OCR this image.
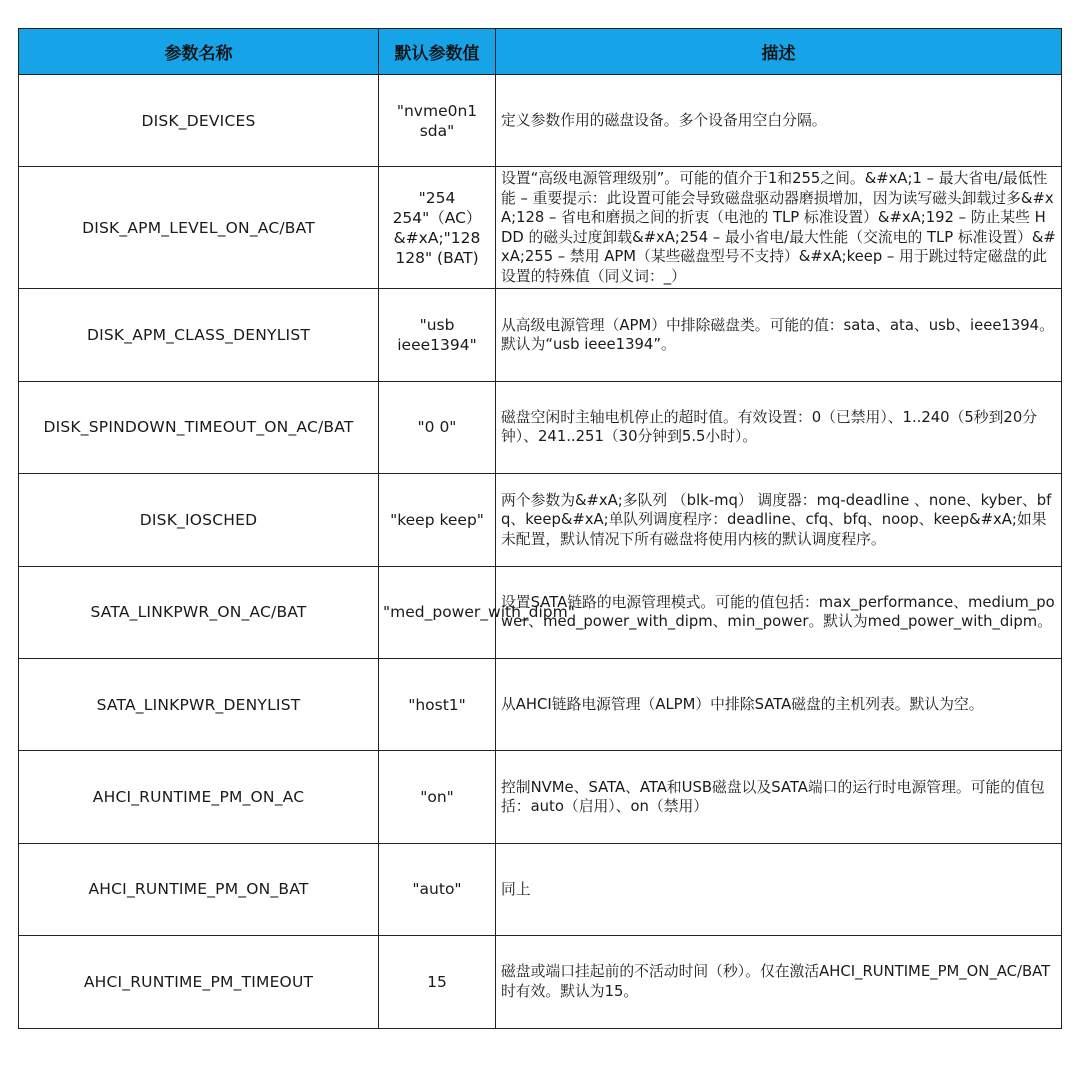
参数名称	默认参数值	描述
DISK_DEVICES	"nvme0n1 sda"	定义参数作用的磁盘设备。多个设备用空白分隔。
DISK_APM_LEVEL_ON_AC/BAT	"254 254"（AC）&#xA;"128 128" (BAT)	设置“高级电源管理级别”。可能的值介于1和255之间。&#xA;1 – 最大省电/最低性能 – 重要提示：此设置可能会导致磁盘驱动器磨损增加，因为读写磁头卸载过多&#xA;128 – 省电和磨损之间的折衷（电池的 TLP 标准设置）&#xA;192 – 防止某些 HDD 的磁头过度卸载&#xA;254 – 最小省电/最大性能（交流电的 TLP 标准设置）&#xA;255 – 禁用 APM（某些磁盘型号不支持）&#xA;keep – 用于跳过特定磁盘的此设置的特殊值（同义词：_）
DISK_APM_CLASS_DENYLIST	"usb ieee1394"	从高级电源管理（APM）中排除磁盘类。可能的值：sata、ata、usb、ieee1394。默认为“usb ieee1394”。
DISK_SPINDOWN_TIMEOUT_ON_AC/BAT	"0 0"	磁盘空闲时主轴电机停止的超时值。有效设置：0（已禁用）、1..240（5秒到20分钟）、241..251（30分钟到5.5小时）。
DISK_IOSCHED	"keep keep"	两个参数为&#xA;多队列 （blk-mq） 调度器：mq-deadline 、none、kyber、bfq、keep&#xA;单队列调度程序：deadline、cfq、bfq、noop、keep&#xA;如果未配置，默认情况下所有磁盘将使用内核的默认调度程序。
SATA_LINKPWR_ON_AC/BAT	"med_power_with_dipm"	设置SATA链路的电源管理模式。可能的值包括：max_performance、medium_power、med_power_with_dipm、min_power。默认为med_power_with_dipm。
SATA_LINKPWR_DENYLIST	"host1"	从AHCI链路电源管理（ALPM）中排除SATA磁盘的主机列表。默认为空。
AHCI_RUNTIME_PM_ON_AC	"on"	控制NVMe、SATA、ATA和USB磁盘以及SATA端口的运行时电源管理。可能的值包括：auto（启用）、on（禁用）
AHCI_RUNTIME_PM_ON_BAT	"auto"	同上
AHCI_RUNTIME_PM_TIMEOUT	15	磁盘或端口挂起前的不活动时间（秒）。仅在激活AHCI_RUNTIME_PM_ON_AC/BAT时有效。默认为15。
